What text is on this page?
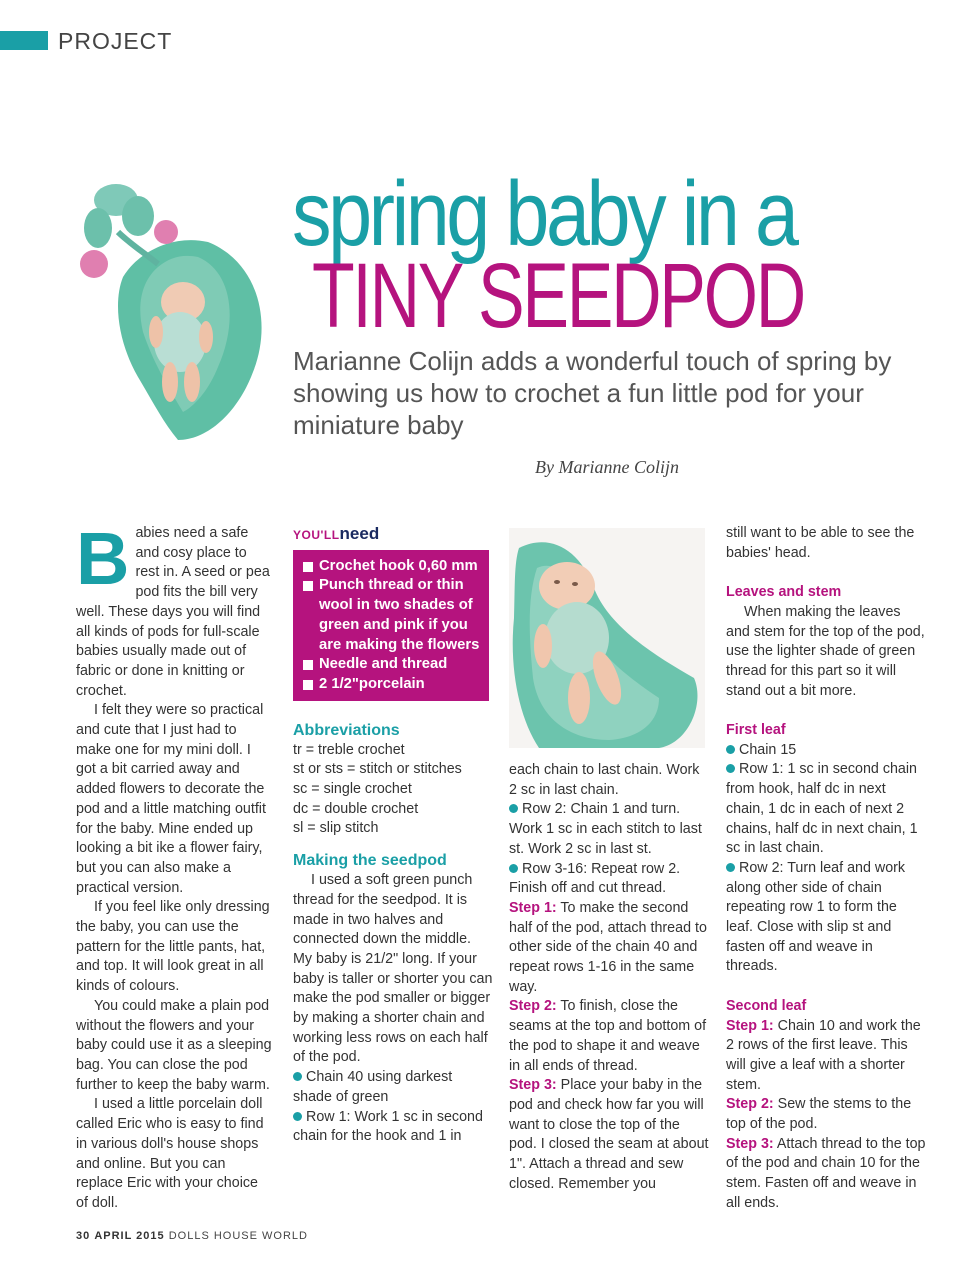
PROJECT
spring baby in a
TINY SEEDPOD
Marianne Colijn adds a wonderful touch of spring by showing us how to crochet a fun little pod for your miniature baby
By Marianne Colijn

Babies need a safe and cosy place to rest in. A seed or pea pod fits the bill very well. These days you will find all kinds of pods for full-scale babies usually made out of fabric or done in knitting or crochet.

I felt they were so practical and cute that I just had to make one for my mini doll. I got a bit carried away and added flowers to decorate the pod and a little matching outfit for the baby. Mine ended up looking a bit ike a flower fairy, but you can also make a practical version.

If you feel like only dressing the baby, you can use the pattern for the little pants, hat, and top. It will look great in all kinds of colours.

You could make a plain pod without the flowers and your baby could use it as a sleeping bag. You can close the pod further to keep the baby warm.

I used a little porcelain doll called Eric who is easy to find in various doll's house shops and online. But you can replace Eric with your choice of doll.

YOU'LLneed
Crochet hook 0,60 mm
Punch thread or thin wool in two shades of green and pink if you are making the flowers
Needle and thread
2 1/2"porcelain
Abbreviations

tr = treble crochet

st or sts = stitch or stitches

sc = single crochet

dc = double crochet

sl = slip stitch

Making the seedpod

I used a soft green punch thread for the seedpod. It is made in two halves and connected down the middle. My baby is 21/2" long. If your baby is taller or shorter you can make the pod smaller or bigger by making a shorter chain and working less rows on each half of the pod.

Chain 40 using darkest shade of green

Row 1: Work 1 sc in second chain for the hook and 1 in

each chain to last chain. Work 2 sc in last chain.

Row 2: Chain 1 and turn. Work 1 sc in each stitch to last st. Work 2 sc in last st.

Row 3-16: Repeat row 2. Finish off and cut thread.

Step 1: To make the second half of the pod, attach thread to other side of the chain 40 and repeat rows 1-16 in the same way.

Step 2: To finish, close the seams at the top and bottom of the pod to shape it and weave in all ends of thread.

Step 3: Place your baby in the pod and check how far you will want to close the top of the pod. I closed the seam at about 1". Attach a thread and sew closed. Remember you

still want to be able to see the babies' head.

Leaves and stem

When making the leaves and stem for the top of the pod, use the lighter shade of green thread for this part so it will stand out a bit more.

First leaf

Chain 15

Row 1: 1 sc in second chain from hook, half dc in next chain, 1 dc in each of next 2 chains, half dc in next chain, 1 sc in last chain.

Row 2: Turn leaf and work along other side of chain repeating row 1 to form the leaf. Close with slip st and fasten off and weave in threads.

Second leaf

Step 1: Chain 10 and work the 2 rows of the first leave. This will give a leaf with a shorter stem.

Step 2: Sew the stems to the top of the pod.

Step 3: Attach thread to the top of the pod and chain 10 for the stem. Fasten off and weave in all ends.

30 APRIL 2015 DOLLS HOUSE WORLD
